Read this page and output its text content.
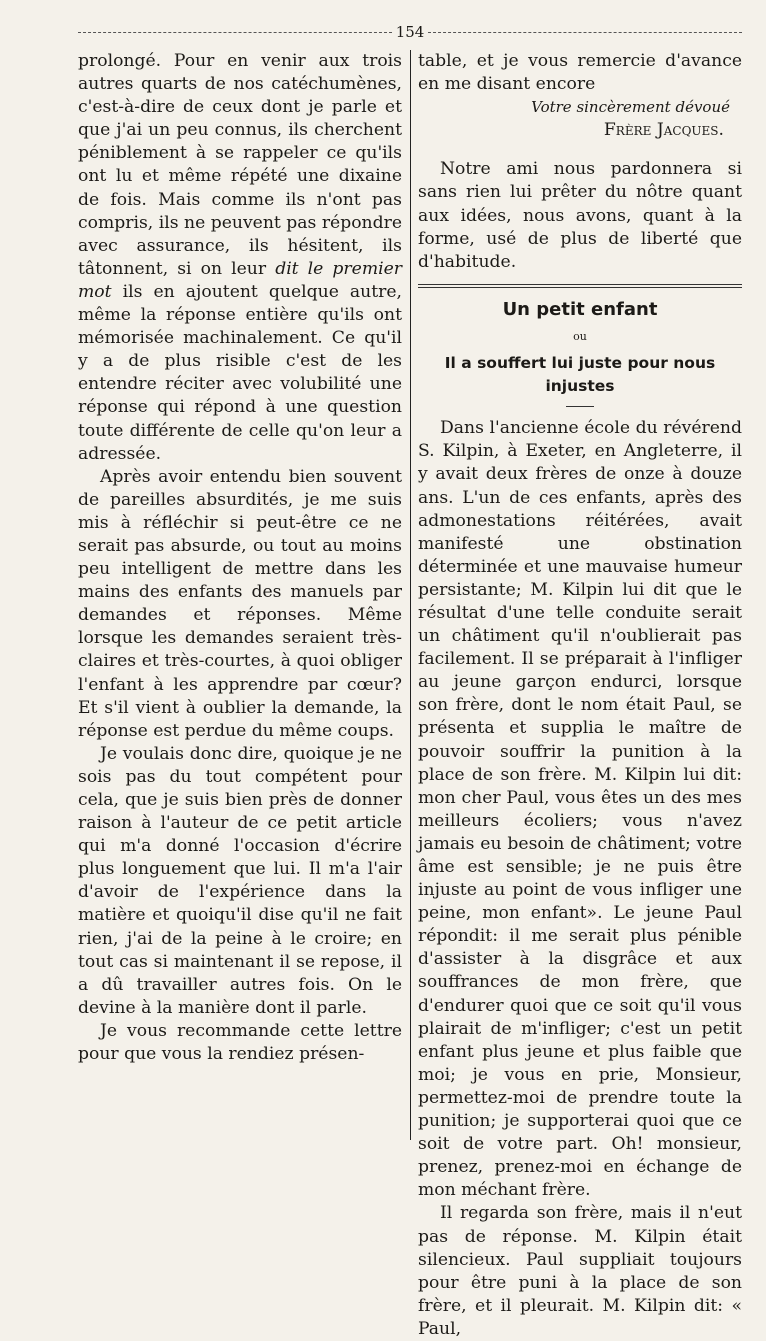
154

prolongé. Pour en venir aux trois autres quarts de nos catéchumènes, c'est-à-dire de ceux dont je parle et que j'ai un peu connus, ils cherchent péniblement à se rappeler ce qu'ils ont lu et même répété une dixaine de fois. Mais comme ils n'ont pas compris, ils ne peuvent pas répondre avec assurance, ils hésitent, ils tâtonnent, si on leur dit le premier mot ils en ajoutent quelque autre, même la réponse entière qu'ils ont mémorisée machinalement. Ce qu'il y a de plus risible c'est de les entendre réciter avec volubilité une réponse qui répond à une question toute différente de celle qu'on leur a adressée.

Après avoir entendu bien souvent de pareilles absurdités, je me suis mis à réfléchir si peut-être ce ne serait pas absurde, ou tout au moins peu intelligent de mettre dans les mains des enfants des manuels par demandes et réponses. Même lorsque les demandes seraient très-claires et très-courtes, à quoi obliger l'enfant à les apprendre par cœur? Et s'il vient à oublier la demande, la réponse est perdue du même coups.

Je voulais donc dire, quoique je ne sois pas du tout compétent pour cela, que je suis bien près de donner raison à l'auteur de ce petit article qui m'a donné l'occasion d'écrire plus longuement que lui. Il m'a l'air d'avoir de l'expérience dans la matière et quoiqu'il dise qu'il ne fait rien, j'ai de la peine à le croire; en tout cas si maintenant il se repose, il a dû travailler autres fois. On le devine à la manière dont il parle.

Je vous recommande cette lettre pour que vous la rendiez présen-

table, et je vous remercie d'avance en me disant encore

Votre sincèrement dévoué

Frère Jacques.

Notre ami nous pardonnera si sans rien lui prêter du nôtre quant aux idées, nous avons, quant à la forme, usé de plus de liberté que d'habitude.

Un petit enfant

ou

Il a souffert lui juste pour nous injustes

Dans l'ancienne école du révérend S. Kilpin, à Exeter, en Angleterre, il y avait deux frères de onze à douze ans. L'un de ces enfants, après des admonestations réitérées, avait manifesté une obstination déterminée et une mauvaise humeur persistante; M. Kilpin lui dit que le résultat d'une telle conduite serait un châtiment qu'il n'oublierait pas facilement. Il se préparait à l'infliger au jeune garçon endurci, lorsque son frère, dont le nom était Paul, se présenta et supplia le maître de pouvoir souffrir la punition à la place de son frère. M. Kilpin lui dit: mon cher Paul, vous êtes un des mes meilleurs écoliers; vous n'avez jamais eu besoin de châtiment; votre âme est sensible; je ne puis être injuste au point de vous infliger une peine, mon enfant». Le jeune Paul répondit: il me serait plus pénible d'assister à la disgrâce et aux souffrances de mon frère, que d'endurer quoi que ce soit qu'il vous plairait de m'infliger; c'est un petit enfant plus jeune et plus faible que moi; je vous en prie, Monsieur, permettez-moi de prendre toute la punition; je supporterai quoi que ce soit de votre part. Oh! monsieur, prenez, prenez-moi en échange de mon méchant frère.

Il regarda son frère, mais il n'eut pas de réponse. M. Kilpin était silencieux. Paul suppliait toujours pour être puni à la place de son frère, et il pleurait. M. Kilpin dit: « Paul,
